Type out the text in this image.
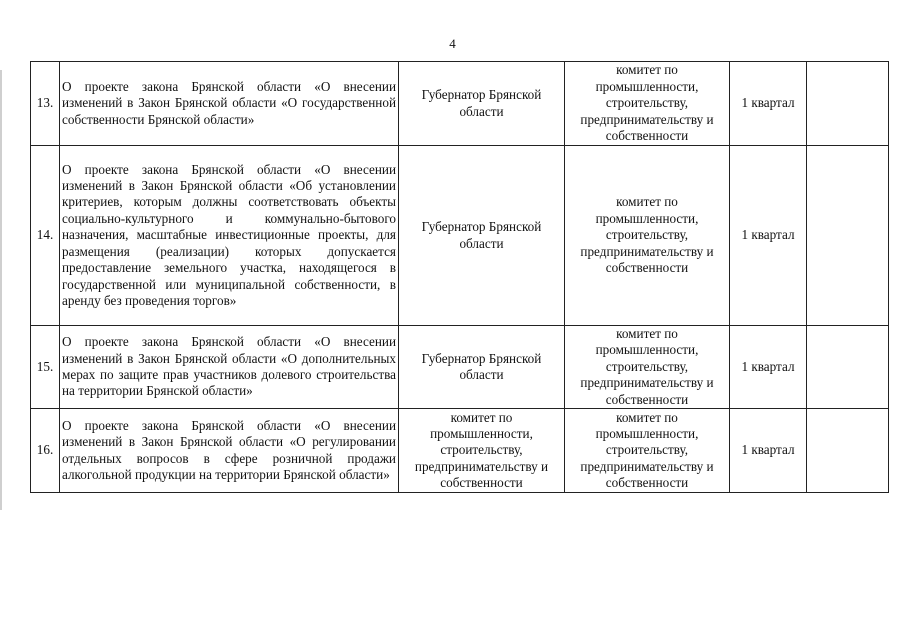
4
13.	О проекте закона Брянской области «О внесении изменений в Закон Брянской области «О государственной собственности Брянской области»	Губернатор Брянской области	комитет по промышленности, строительству, предпринимательству и собственности	1 квартал	
14.	О проекте закона Брянской области «О внесении изменений в Закон Брянской области «Об установлении критериев, которым должны соответствовать объекты социально-культурного и коммунально-бытового назначения, масштабные инвестиционные проекты, для размещения (реализации) которых допускается предоставление земельного участка, находящегося в государственной или муниципальной собственности, в аренду без проведения торгов»	Губернатор Брянской области	комитет по промышленности, строительству, предпринимательству и собственности	1 квартал	
15.	О проекте закона Брянской области «О внесении изменений в Закон Брянской области «О дополнительных мерах по защите прав участников долевого строительства на территории Брянской области»	Губернатор Брянской области	комитет по промышленности, строительству, предпринимательству и собственности	1 квартал	
16.	О проекте закона Брянской области «О внесении изменений в Закон Брянской области «О регулировании отдельных вопросов в сфере розничной продажи алкогольной продукции на территории Брянской области»	комитет по промышленности, строительству, предпринимательству и собственности	комитет по промышленности, строительству, предпринимательству и собственности	1 квартал	
